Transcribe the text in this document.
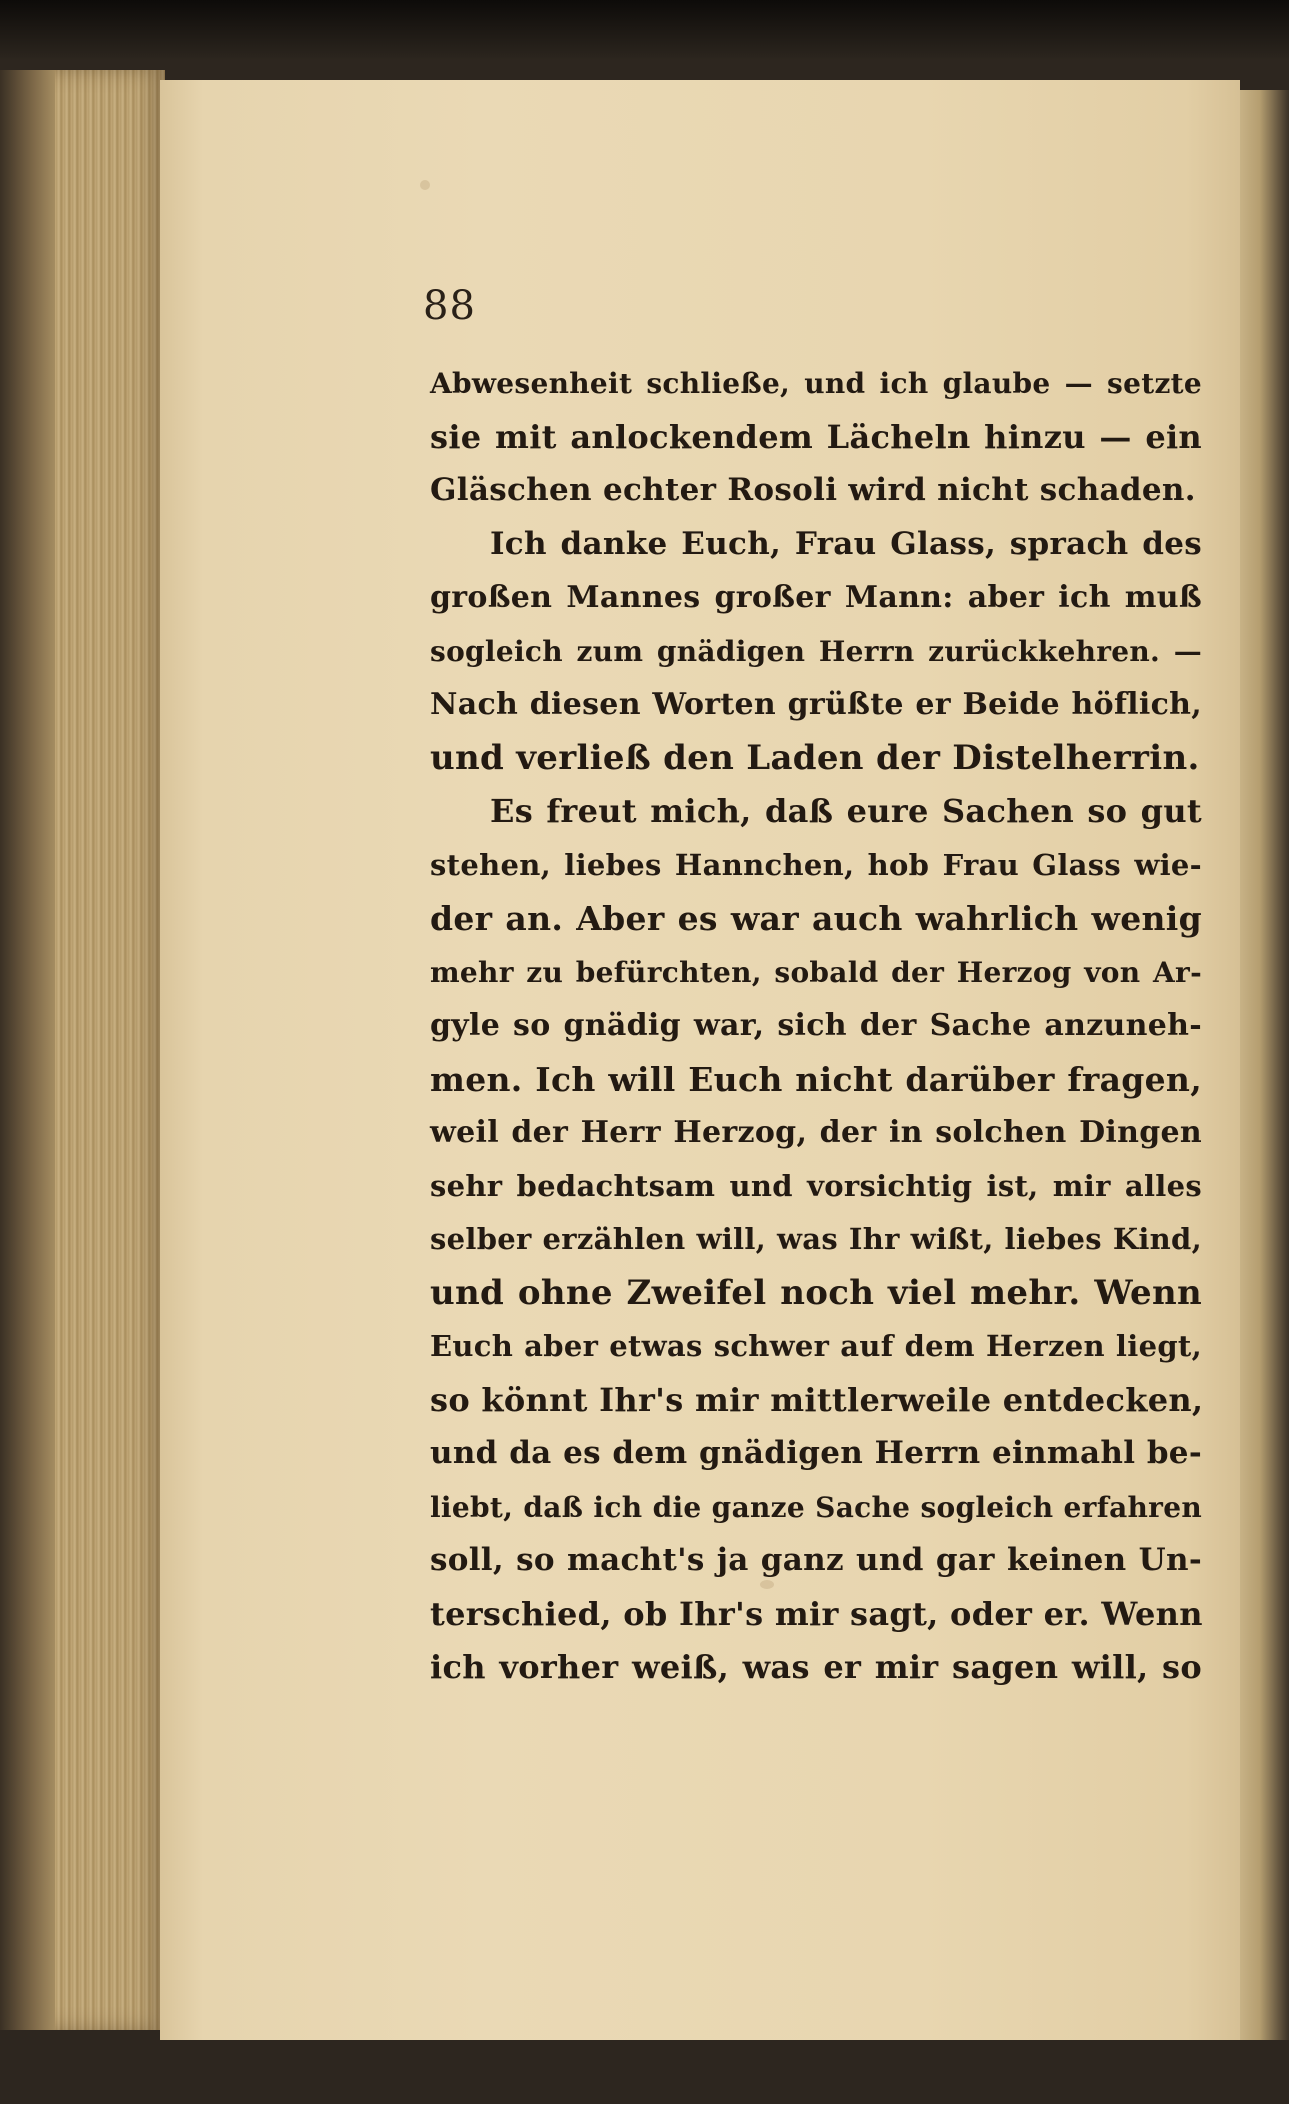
88
Abwesenheit schließe, und ich glaube — setzte
sie mit anlockendem Lächeln hinzu — ein
Gläschen echter Rosoli wird nicht schaden.
Ich danke Euch, Frau Glass, sprach des
großen Mannes großer Mann: aber ich muß
sogleich zum gnädigen Herrn zurückkehren. —
Nach diesen Worten grüßte er Beide höflich,
und verließ den Laden der Distelherrin.
Es freut mich, daß eure Sachen so gut
stehen, liebes Hannchen, hob Frau Glass wie-
der an. Aber es war auch wahrlich wenig
mehr zu befürchten, sobald der Herzog von Ar-
gyle so gnädig war, sich der Sache anzuneh-
men. Ich will Euch nicht darüber fragen,
weil der Herr Herzog, der in solchen Dingen
sehr bedachtsam und vorsichtig ist, mir alles
selber erzählen will, was Ihr wißt, liebes Kind,
und ohne Zweifel noch viel mehr. Wenn
Euch aber etwas schwer auf dem Herzen liegt,
so könnt Ihr's mir mittlerweile entdecken,
und da es dem gnädigen Herrn einmahl be-
liebt, daß ich die ganze Sache sogleich erfahren
soll, so macht's ja ganz und gar keinen Un-
terschied, ob Ihr's mir sagt, oder er. Wenn
ich vorher weiß, was er mir sagen will, so
